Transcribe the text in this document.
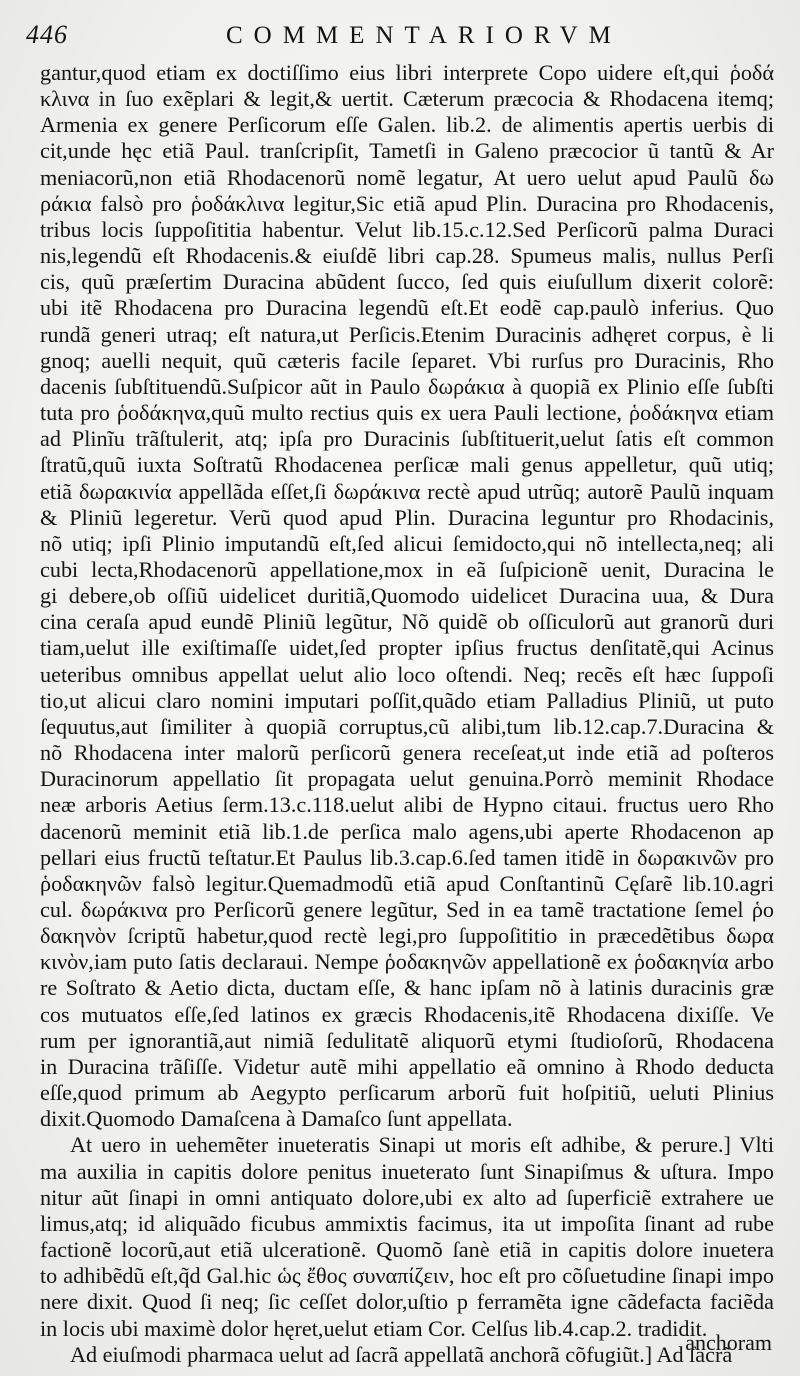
446	COMMENTARIORVM

gantur,quod etiam ex doctiſſimo eius libri interprete Copo uidere eſt,qui ῥοδά
κλινα in ſuo exẽplari & legit,& uertit. Cæterum præcocia & Rhodacena itemq;
Armenia ex genere Perſicorum eſſe Galen. lib.2. de alimentis apertis uerbis di
cit,unde hęc etiã Paul. tranſcripſit, Tametſi in Galeno præcocior ũ tantũ & Ar
meniacorũ,non etiã Rhodacenorũ nomẽ legatur, At uero uelut apud Paulũ δω
ράκια falsò pro ῥοδάκλινα legitur,Sic etiã apud Plin. Duracina pro Rhodacenis,
tribus locis ſuppoſititia habentur. Velut lib.15.c.12.Sed Perſicorũ palma Duraci
nis,legendũ eſt Rhodacenis.& eiuſdẽ libri cap.28. Spumeus malis, nullus Perſi
cis, quũ præſertim Duracina abũdent ſucco, ſed quis eiuſullum dixerit colorẽ:
ubi itẽ Rhodacena pro Duracina legendũ eſt.Et eodẽ cap.paulò inferius. Quo
rundã generi utraq; eſt natura,ut Perſicis.Etenim Duracinis adhęret corpus, è li
gnoq; auelli nequit, quũ cæteris facile ſeparet. Vbi rurſus pro Duracinis, Rho
dacenis ſubſtituendũ.Suſpicor aũt in Paulo δωράκια à quopiã ex Plinio eſſe ſubſti
tuta pro ῥοδάκηνα,quũ multo rectius quis ex uera Pauli lectione, ῥοδάκηνα etiam
ad Plinĩu trãſtulerit, atq; ipſa pro Duracinis ſubſtituerit,uelut ſatis eſt common
ſtratũ,quũ iuxta Soſtratũ Rhodacenea perſicæ mali genus appelletur, quũ utiq;
etiã δωρακινία appellãda eſſet,ſi δωράκινα rectè apud utrũq; autorẽ Paulũ inquam
& Pliniũ legeretur. Verũ quod apud Plin. Duracina leguntur pro Rhodacinis,
nõ utiq; ipſi Plinio imputandũ eſt,ſed alicui ſemidocto,qui nõ intellecta,neq; ali
cubi lecta,Rhodacenorũ appellatione,mox in eã ſuſpicionẽ uenit, Duracina le
gi debere,ob oſſiũ uidelicet duritiã,Quomodo uidelicet Duracina uua, & Dura
cina ceraſa apud eundẽ Pliniũ legũtur, Nõ quidẽ ob oſſiculorũ aut granorũ duri
tiam,uelut ille exiſtimaſſe uidet,ſed propter ipſius fructus denſitatẽ,qui Acinus
ueteribus omnibus appellat uelut alio loco oſtendi. Neq; recẽs eſt hæc ſuppoſi
tio,ut alicui claro nomini imputari poſſit,quãdo etiam Palladius Pliniũ, ut puto
ſequutus,aut ſimiliter à quopiã corruptus,cũ alibi,tum lib.12.cap.7.Duracina &
nõ Rhodacena inter malorũ perſicorũ genera receſeat,ut inde etiã ad poſteros
Duracinorum appellatio ſit propagata uelut genuina.Porrò meminit Rhodace
neæ arboris Aetius ſerm.13.c.118.uelut alibi de Hypno citaui. fructus uero Rho
dacenorũ meminit etiã lib.1.de perſica malo agens,ubi aperte Rhodacenon ap
pellari eius fructũ teſtatur.Et Paulus lib.3.cap.6.ſed tamen itidẽ in δωρακινῶν pro
ῥοδακηνῶν falsò legitur.Quemadmodũ etiã apud Conſtantinũ Cęſarẽ lib.10.agri
cul. δωράκινα pro Perſicorũ genere legũtur, Sed in ea tamẽ tractatione ſemel ῥο
δακηνὸν ſcriptũ habetur,quod rectè legi,pro ſuppoſititio in præcedẽtibus δωρα
κινὸν,iam puto ſatis declaraui. Nempe ῥοδακηνῶν appellationẽ ex ῥοδακηνία arbo
re Soſtrato & Aetio dicta, ductam eſſe, & hanc ipſam nõ à latinis duracinis græ
cos mutuatos eſſe,ſed latinos ex græcis Rhodacenis,itẽ Rhodacena dixiſſe. Ve
rum per ignorantiã,aut nimiã ſedulitatẽ aliquorũ etymi ſtudioſorũ, Rhodacena
in Duracina trãſiſſe. Videtur autẽ mihi appellatio eã omnino à Rhodo deducta
eſſe,quod primum ab Aegypto perſicarum arborũ fuit hoſpitiũ, ueluti Plinius
dixit.Quomodo Damaſcena à Damaſco ſunt appellata.

At uero in uehemẽter inueteratis Sinapi ut moris eſt adhibe, & perure.] Vlti
ma auxilia in capitis dolore penitus inueterato ſunt Sinapiſmus & uſtura. Impo
nitur aũt ſinapi in omni antiquato dolore,ubi ex alto ad ſuperficiẽ extrahere ue
limus,atq; id aliquãdo ficubus ammixtis facimus, ita ut impoſita ſinant ad rube
factionẽ locorũ,aut etiã ulcerationẽ. Quomõ ſanè etiã in capitis dolore inuetera
to adhibẽdũ eſt,q̃d Gal.hic ὡς ἔθος συναπίζειν, hoc eſt pro cõſuetudine ſinapi impo
nere dixit. Quod ſi neq; ſic ceſſet dolor,uſtio p ferramẽta igne cãdefacta faciẽda
in locis ubi maximè dolor hęret,uelut etiam Cor. Celſus lib.4.cap.2. tradidit.

Ad eiuſmodi pharmaca uelut ad ſacrã appellatã anchorã cõfugiũt.] Ad ſacrã

anchoram
